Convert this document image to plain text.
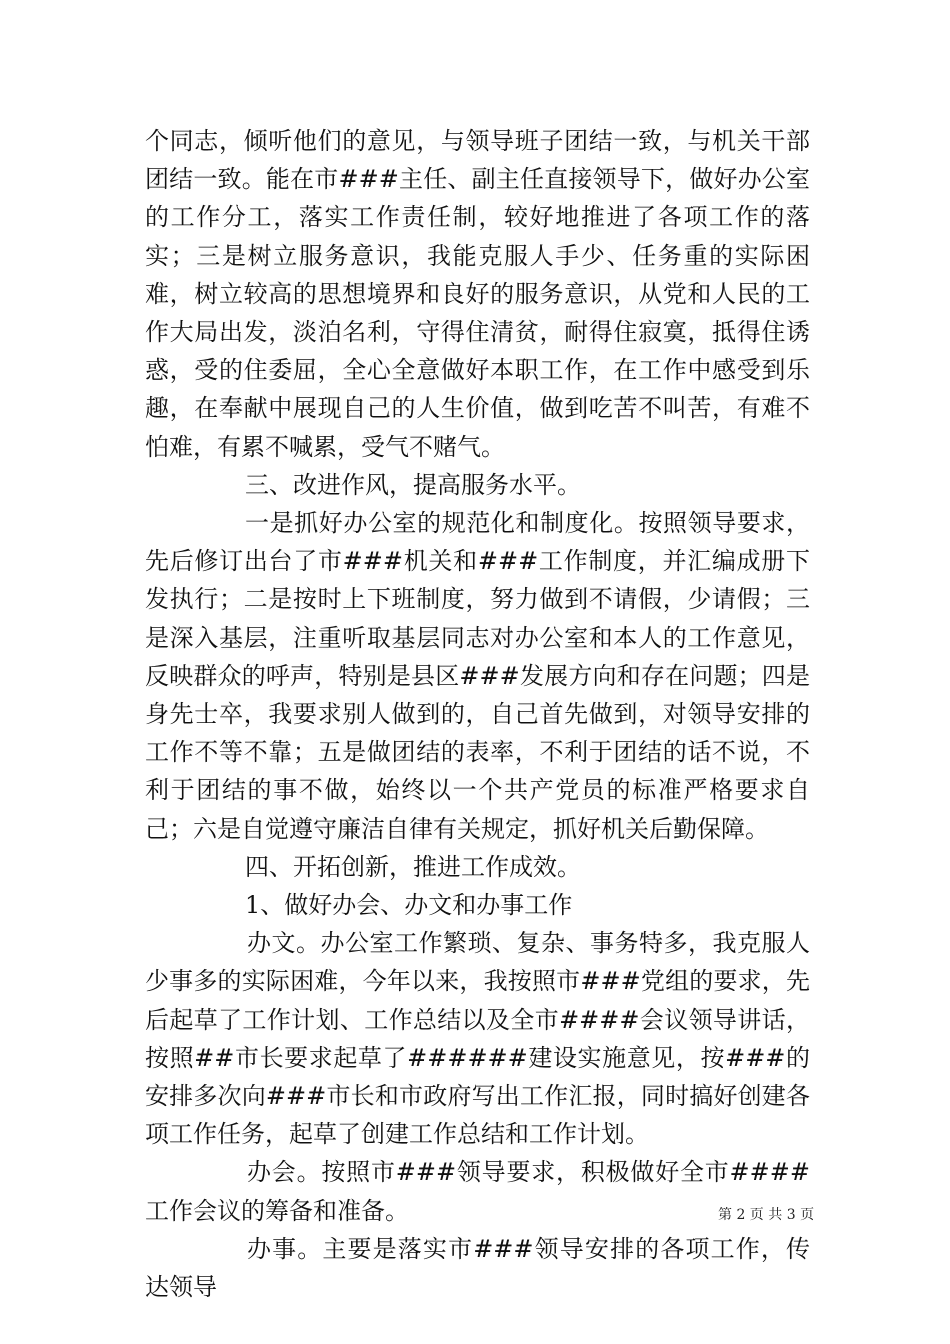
个同志，倾听他们的意见，与领导班子团结一致，与机关干部团结一致。能在市###主任、副主任直接领导下，做好办公室的工作分工，落实工作责任制，较好地推进了各项工作的落实；三是树立服务意识，我能克服人手少、任务重的实际困难，树立较高的思想境界和良好的服务意识，从党和人民的工作大局出发，淡泊名利，守得住清贫，耐得住寂寞，抵得住诱惑，受的住委屈，全心全意做好本职工作，在工作中感受到乐趣，在奉献中展现自己的人生价值，做到吃苦不叫苦，有难不怕难，有累不喊累，受气不赌气。

三、改进作风，提高服务水平。

一是抓好办公室的规范化和制度化。按照领导要求，先后修订出台了市###机关和###工作制度，并汇编成册下发执行；二是按时上下班制度，努力做到不请假，少请假；三是深入基层，注重听取基层同志对办公室和本人的工作意见，反映群众的呼声，特别是县区###发展方向和存在问题；四是身先士卒，我要求别人做到的，自己首先做到，对领导安排的工作不等不靠；五是做团结的表率，不利于团结的话不说，不利于团结的事不做，始终以一个共产党员的标准严格要求自己；六是自觉遵守廉洁自律有关规定，抓好机关后勤保障。

四、开拓创新，推进工作成效。

1、做好办会、办文和办事工作

办文。办公室工作繁琐、复杂、事务特多，我克服人少事多的实际困难，今年以来，我按照市###党组的要求，先后起草了工作计划、工作总结以及全市####会议领导讲话，按照##市长要求起草了######建设实施意见，按###的安排多次向###市长和市政府写出工作汇报，同时搞好创建各项工作任务，起草了创建工作总结和工作计划。

办会。按照市###领导要求，积极做好全市####工作会议的筹备和准备。

办事。主要是落实市###领导安排的各项工作，传达领导

第 2 页 共 3 页
